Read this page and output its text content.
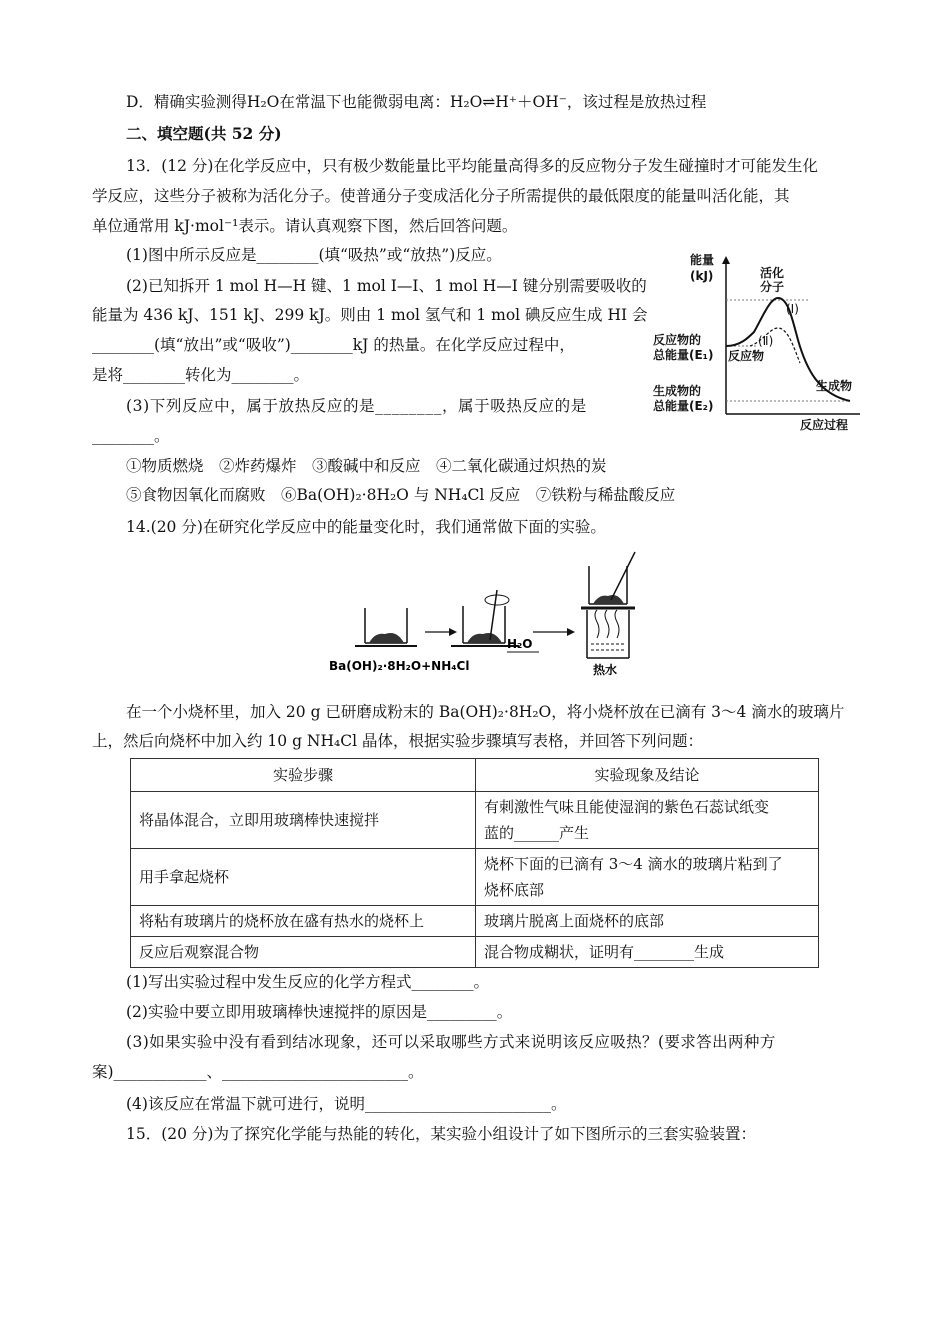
D．精确实验测得H₂O在常温下也能微弱电离：H₂O⇌H⁺＋OH⁻，该过程是放热过程
二、填空题(共 52 分)
13．(12 分)在化学反应中，只有极少数能量比平均能量高得多的反应物分子发生碰撞时才可能发生化
学反应，这些分子被称为活化分子。使普通分子变成活化分子所需提供的最低限度的能量叫活化能，其
单位通常用 kJ·mol⁻¹表示。请认真观察下图，然后回答问题。
(1)图中所示反应是________(填“吸热”或“放热”)反应。
(2)已知拆开 1 mol H—H 键、1 mol I—I、1 mol H—I 键分别需要吸收的
能量为 436 kJ、151 kJ、299 kJ。则由 1 mol 氢气和 1 mol 碘反应生成 HI 会
________(填“放出”或“吸收”)________kJ 的热量。在化学反应过程中，
是将________转化为________。
(3)下列反应中，属于放热反应的是________，属于吸热反应的是
________。
①物质燃烧　②炸药爆炸　③酸碱中和反应　④二氧化碳通过炽热的炭
⑤食物因氧化而腐败　⑥Ba(OH)₂·8H₂O 与 NH₄Cl 反应　⑦铁粉与稀盐酸反应
能量
(kJ)	活化
分子
(Ⅰ)
(Ⅱ)
反应物的
总能量(E₁) 反应物
生成物的
总能量(E₂)
生成物
反应过程
14.(20 分)在研究化学反应中的能量变化时，我们通常做下面的实验。
H₂O
Ba(OH)₂·8H₂O+NH₄Cl	热水
在一个小烧杯里，加入 20 g 已研磨成粉末的 Ba(OH)₂·8H₂O，将小烧杯放在已滴有 3～4 滴水的玻璃片
上，然后向烧杯中加入约 10 g NH₄Cl 晶体，根据实验步骤填写表格，并回答下列问题：
实验步骤	实验现象及结论
将晶体混合，立即用玻璃棒快速搅拌	有刺激性气味且能使湿润的紫色石蕊试纸变
蓝的______产生

用手拿起烧杯	烧杯下面的已滴有 3～4 滴水的玻璃片粘到了
烧杯底部

将粘有玻璃片的烧杯放在盛有热水的烧杯上	玻璃片脱离上面烧杯的底部
反应后观察混合物	混合物成糊状，证明有________生成
(1)写出实验过程中发生反应的化学方程式________。
(2)实验中要立即用玻璃棒快速搅拌的原因是_________。
(3)如果实验中没有看到结冰现象，还可以采取哪些方式来说明该反应吸热？(要求答出两种方
案)____________、________________________。
(4)该反应在常温下就可进行，说明________________________。
15．(20 分)为了探究化学能与热能的转化，某实验小组设计了如下图所示的三套实验装置：
